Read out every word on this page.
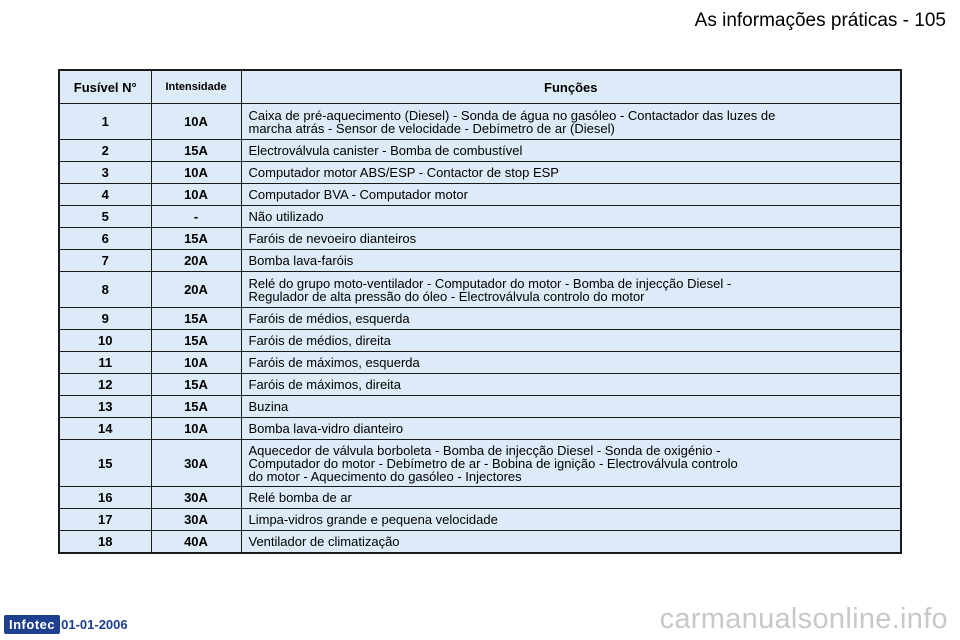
As informações práticas - 105
Fusível N°	Intensidade	Funções
1	10A	Caixa de pré-aquecimento (Diesel) - Sonda de água no gasóleo - Contactador das luzes de
marcha atrás - Sensor de velocidade - Debímetro de ar (Diesel)

2	15A	Electroválvula canister - Bomba de combustível

3	10A	Computador motor ABS/ESP - Contactor de stop ESP

4	10A	Computador BVA - Computador motor

5	-	Não utilizado

6	15A	Faróis de nevoeiro dianteiros

7	20A	Bomba lava-faróis

8	20A	Relé do grupo moto-ventilador - Computador do motor - Bomba de injecção Diesel -
Regulador de alta pressão do óleo - Electroválvula controlo do motor

9	15A	Faróis de médios, esquerda

10	15A	Faróis de médios, direita

11	10A	Faróis de máximos, esquerda

12	15A	Faróis de máximos, direita

13	15A	Buzina

14	10A	Bomba lava-vidro dianteiro

15	30A	Aquecedor de válvula borboleta - Bomba de injecção Diesel - Sonda de oxigénio -
Computador do motor - Debímetro de ar - Bobina de ignição - Electroválvula controlo
do motor - Aquecimento do gasóleo - Injectores

16	30A	Relé bomba de ar

17	30A	Limpa-vidros grande e pequena velocidade

18	40A	Ventilador de climatização
Infotec 01-01-2006	carmanualsonline.info
